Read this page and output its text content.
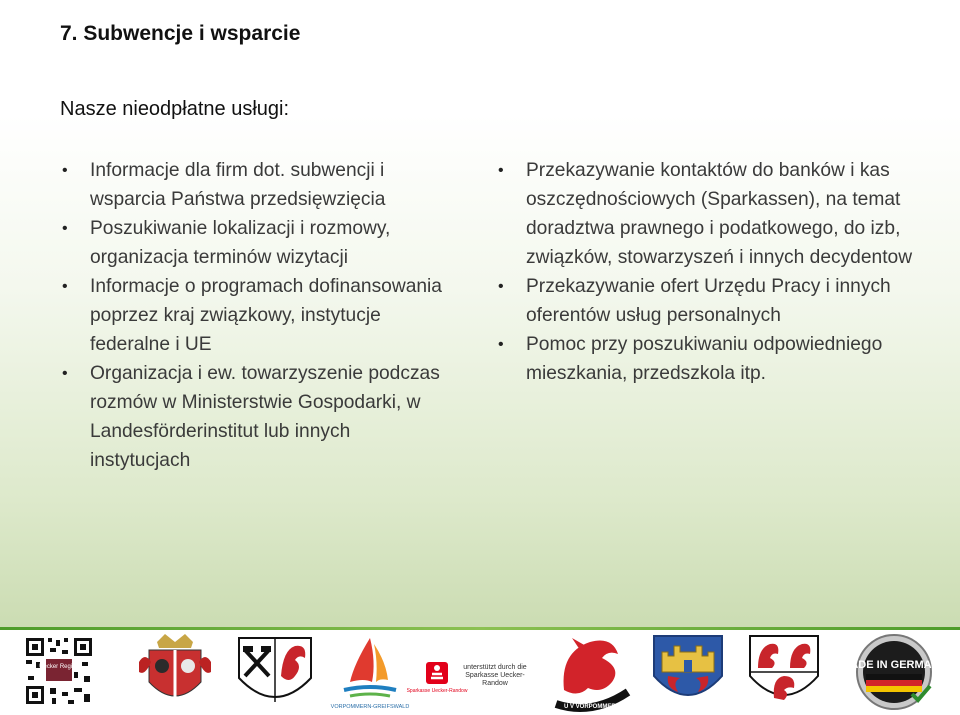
7. Subwencje i wsparcie
Nasze nieodpłatne usługi:
• Informacje dla firm dot. subwencji i wsparcia Państwa przedsięwzięcia
• Poszukiwanie lokalizacji i rozmowy, organizacja terminów wizytacji
• Informacje o programach dofinansowania poprzez kraj związkowy, instytucje federalne i UE
• Organizacja i ew. towarzyszenie podczas rozmów w Ministerstwie Gospodarki, w Landesförderinstitut lub innych instytucjach
• Przekazywanie kontaktów do banków i kas oszczędnościowych (Sparkassen), na temat doradztwa prawnego i podatkowego, do izb, związków, stowarzyszeń i innych decydentow
• Przekazywanie ofert Urzędu Pracy i innych oferentów usług personalnych
• Pomoc przy poszukiwaniu odpowiedniego mieszkania, przedszkola itp.
Uecker Region
VORPOMMERN-GREIFSWALD
Sparkasse Uecker-Randow
unterstützt durch die Sparkasse Uecker-Randow
U V VORPOMMERN
MADE IN GERMANY
